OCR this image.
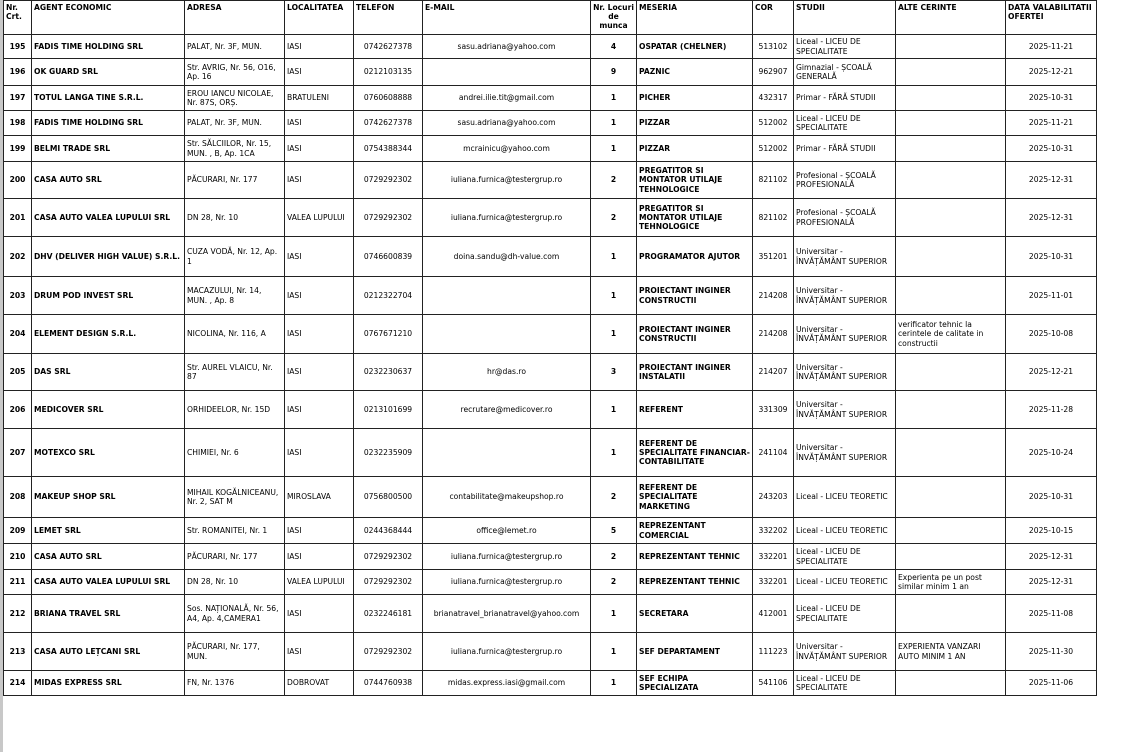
Nr. Crt.	AGENT ECONOMIC	ADRESA	LOCALITATEA	TELEFON	E-MAIL	Nr. Locuri de munca	MESERIA	COR	STUDII	ALTE CERINTE	DATA VALABILITATII OFERTEI
195	FADIS TIME HOLDING SRL	PALAT, Nr. 3F, MUN.	IASI	0742627378	sasu.adriana@yahoo.com	4	OSPATAR (CHELNER)	513102	Liceal - LICEU DE SPECIALITATE		2025-11-21
196	OK GUARD SRL	Str. AVRIG, Nr. 56, O16, Ap. 16	IASI	0212103135		9	PAZNIC	962907	Gimnazial - ȘCOALĂ GENERALĂ		2025-12-21
197	TOTUL LANGA TINE S.R.L.	EROU IANCU NICOLAE, Nr. 87S, ORȘ.	BRATULENI	0760608888	andrei.ilie.tit@gmail.com	1	PICHER	432317	Primar - FĂRĂ STUDII		2025-10-31
198	FADIS TIME HOLDING SRL	PALAT, Nr. 3F, MUN.	IASI	0742627378	sasu.adriana@yahoo.com	1	PIZZAR	512002	Liceal - LICEU DE SPECIALITATE		2025-11-21
199	BELMI TRADE SRL	Str. SĂLCIILOR, Nr. 15, MUN. , B, Ap. 1CA	IASI	0754388344	mcrainicu@yahoo.com	1	PIZZAR	512002	Primar - FĂRĂ STUDII		2025-10-31
200	CASA AUTO SRL	PĂCURARI, Nr. 177	IASI	0729292302	iuliana.furnica@testergrup.ro	2	PREGATITOR SI MONTATOR UTILAJE TEHNOLOGICE	821102	Profesional - ȘCOALĂ PROFESIONALĂ		2025-12-31
201	CASA AUTO VALEA LUPULUI SRL	DN 28, Nr. 10	VALEA LUPULUI	0729292302	iuliana.furnica@testergrup.ro	2	PREGATITOR SI MONTATOR UTILAJE TEHNOLOGICE	821102	Profesional - ȘCOALĂ PROFESIONALĂ		2025-12-31
202	DHV (DELIVER HIGH VALUE) S.R.L.	CUZA VODĂ, Nr. 12, Ap. 1	IASI	0746600839	doina.sandu@dh-value.com	1	PROGRAMATOR AJUTOR	351201	Universitar - ÎNVĂȚĂMÂNT SUPERIOR		2025-10-31
203	DRUM POD INVEST SRL	MACAZULUI, Nr. 14, MUN. , Ap. 8	IASI	0212322704		1	PROIECTANT INGINER CONSTRUCTII	214208	Universitar - ÎNVĂȚĂMÂNT SUPERIOR		2025-11-01
204	ELEMENT DESIGN S.R.L.	NICOLINA, Nr. 116, A	IASI	0767671210		1	PROIECTANT INGINER CONSTRUCTII	214208	Universitar - ÎNVĂȚĂMÂNT SUPERIOR	verificator tehnic la cerintele de calitate in constructii	2025-10-08
205	DAS SRL	Str. AUREL VLAICU, Nr. 87	IASI	0232230637	hr@das.ro	3	PROIECTANT INGINER INSTALATII	214207	Universitar - ÎNVĂȚĂMÂNT SUPERIOR		2025-12-21
206	MEDICOVER SRL	ORHIDEELOR, Nr. 15D	IASI	0213101699	recrutare@medicover.ro	1	REFERENT	331309	Universitar - ÎNVĂȚĂMÂNT SUPERIOR		2025-11-28
207	MOTEXCO SRL	CHIMIEI, Nr. 6	IASI	0232235909		1	REFERENT DE SPECIALITATE FINANCIAR-CONTABILITATE	241104	Universitar - ÎNVĂȚĂMÂNT SUPERIOR		2025-10-24
208	MAKEUP SHOP SRL	MIHAIL KOGĂLNICEANU, Nr. 2, SAT M	MIROSLAVA	0756800500	contabilitate@makeupshop.ro	2	REFERENT DE SPECIALITATE MARKETING	243203	Liceal - LICEU TEORETIC		2025-10-31
209	LEMET SRL	Str. ROMANITEI, Nr. 1	IASI	0244368444	office@lemet.ro	5	REPREZENTANT COMERCIAL	332202	Liceal - LICEU TEORETIC		2025-10-15
210	CASA AUTO SRL	PĂCURARI, Nr. 177	IASI	0729292302	iuliana.furnica@testergrup.ro	2	REPREZENTANT TEHNIC	332201	Liceal - LICEU DE SPECIALITATE		2025-12-31
211	CASA AUTO VALEA LUPULUI SRL	DN 28, Nr. 10	VALEA LUPULUI	0729292302	iuliana.furnica@testergrup.ro	2	REPREZENTANT TEHNIC	332201	Liceal - LICEU TEORETIC	Experienta pe un post similar minim 1 an	2025-12-31
212	BRIANA TRAVEL SRL	Sos. NAȚIONALĂ, Nr. 56, A4, Ap. 4,CAMERA1	IASI	0232246181	brianatravel_brianatravel@yahoo.com	1	SECRETARA	412001	Liceal - LICEU DE SPECIALITATE		2025-11-08
213	CASA AUTO LEȚCANI SRL	PĂCURARI, Nr. 177, MUN.	IASI	0729292302	iuliana.furnica@testergrup.ro	1	SEF DEPARTAMENT	111223	Universitar - ÎNVĂȚĂMÂNT SUPERIOR	EXPERIENTA VANZARI AUTO MINIM 1 AN	2025-11-30
214	MIDAS EXPRESS SRL	FN, Nr. 1376	DOBROVAT	0744760938	midas.express.iasi@gmail.com	1	SEF ECHIPA SPECIALIZATA	541106	Liceal - LICEU DE SPECIALITATE		2025-11-06
